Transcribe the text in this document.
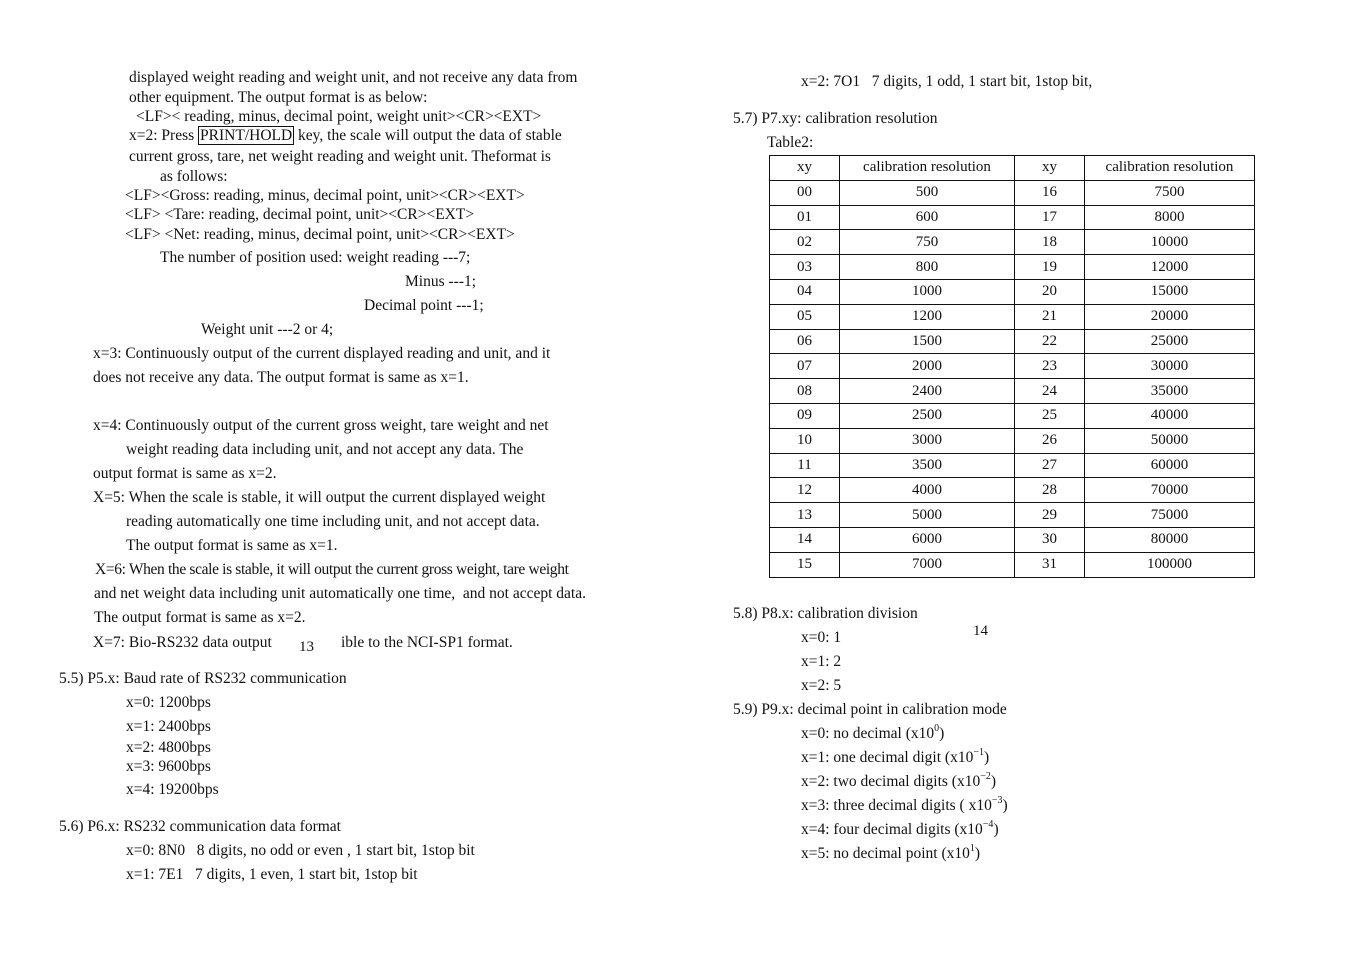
displayed weight reading and weight unit, and not receive any data from
other equipment. The output format is as below:
<LF>< reading, minus, decimal point, weight unit><CR><EXT>
x=2: Press PRINT/HOLD key, the scale will output the data of stable
current gross, tare, net weight reading and weight unit. Theformat is
as follows:
<LF><Gross: reading, minus, decimal point, unit><CR><EXT>
<LF> <Tare: reading, decimal point, unit><CR><EXT>
<LF> <Net: reading, minus, decimal point, unit><CR><EXT>
The number of position used: weight reading ---7;
Minus ---1;
Decimal point ---1;
Weight unit ---2 or 4;
x=3: Continuously output of the current displayed reading and unit, and it
does not receive any data. The output format is same as x=1.
x=4: Continuously output of the current gross weight, tare weight and net
weight reading data including unit, and not accept any data. The
output format is same as x=2.
X=5: When the scale is stable, it will output the current displayed weight
reading automatically one time including unit, and not accept data.
The output format is same as x=1.
X=6: When the scale is stable, it will output the current gross weight, tare weight
and net weight data including unit automatically one time,  and not accept data.
The output format is same as x=2.
X=7: Bio-RS232 data output 13 ible to the NCI-SP1 format.
5.5) P5.x: Baud rate of RS232 communication
x=0: 1200bps
x=1: 2400bps
x=2: 4800bps
x=3: 9600bps
x=4: 19200bps
5.6) P6.x: RS232 communication data format
x=0: 8N0   8 digits, no odd or even , 1 start bit, 1stop bit
x=1: 7E1   7 digits, 1 even, 1 start bit, 1stop bit
x=2: 7O1   7 digits, 1 odd, 1 start bit, 1stop bit,
5.7) P7.xy: calibration resolution
Table2:
xy	calibration resolution	xy	calibration resolution
00	500	16	7500
01	600	17	8000
02	750	18	10000
03	800	19	12000
04	1000	20	15000
05	1200	21	20000
06	1500	22	25000
07	2000	23	30000
08	2400	24	35000
09	2500	25	40000
10	3000	26	50000
11	3500	27	60000
12	4000	28	70000
13	5000	29	75000
14	6000	30	80000
15	7000	31	100000
5.8) P8.x: calibration division
14
x=0: 1
x=1: 2
x=2: 5
5.9) P9.x: decimal point in calibration mode
x=0: no decimal $(x10^0)$
x=1: one decimal digit $(x10^{-1})$
x=2: two decimal digits $(x10^{-2})$
x=3: three decimal digits ( $x10^{-3}$)
x=4: four decimal digits $(x10^{-4})$
x=5: no decimal point $(x10^1)$
